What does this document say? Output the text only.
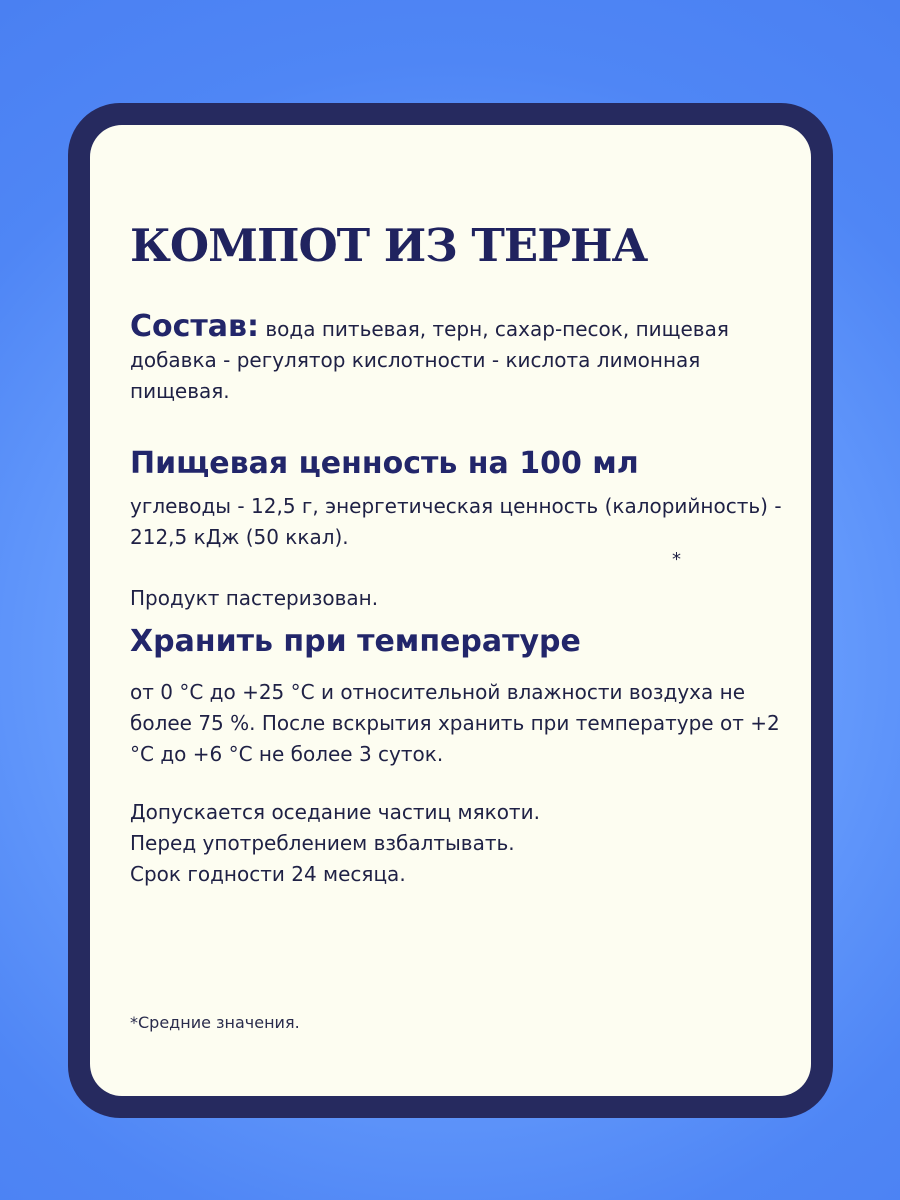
КОМПОТ ИЗ ТЕРНА
Состав: вода питьевая, терн, сахар-песок, пищевая добавка - регулятор кислотности - кислота лимонная пищевая.
Пищевая ценность на 100 мл
углеводы - 12,5 г, энергетическая ценность (калорийность) - 212,5 кДж (50 ккал).
*
Продукт пастеризован.
Хранить при температуре
от 0 °С до +25 °С и относительной влажности воздуха не более 75 %. После вскрытия хранить при температуре от +2 °С до +6 °С не более 3 суток.
Допускается оседание частиц мякоти.
Перед употреблением взбалтывать.
Срок годности 24 месяца.
*Средние значения.
